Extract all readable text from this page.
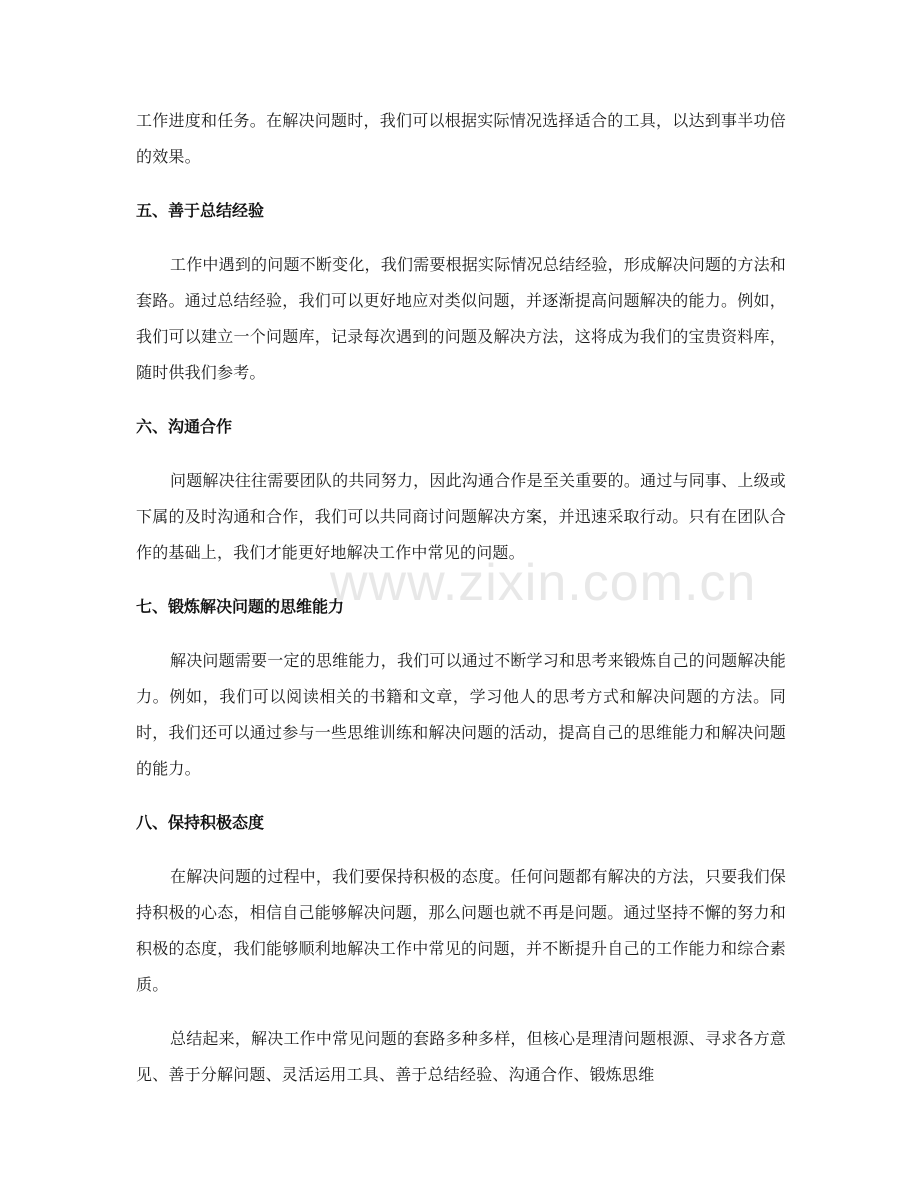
工作进度和任务。在解决问题时，我们可以根据实际情况选择适合的工具，以达到事半功倍的效果。

五、善于总结经验

工作中遇到的问题不断变化，我们需要根据实际情况总结经验，形成解决问题的方法和套路。通过总结经验，我们可以更好地应对类似问题，并逐渐提高问题解决的能力。例如，我们可以建立一个问题库，记录每次遇到的问题及解决方法，这将成为我们的宝贵资料库，随时供我们参考。

六、沟通合作

问题解决往往需要团队的共同努力，因此沟通合作是至关重要的。通过与同事、上级或下属的及时沟通和合作，我们可以共同商讨问题解决方案，并迅速采取行动。只有在团队合作的基础上，我们才能更好地解决工作中常见的问题。

七、锻炼解决问题的思维能力

解决问题需要一定的思维能力，我们可以通过不断学习和思考来锻炼自己的问题解决能力。例如，我们可以阅读相关的书籍和文章，学习他人的思考方式和解决问题的方法。同时，我们还可以通过参与一些思维训练和解决问题的活动，提高自己的思维能力和解决问题的能力。

八、保持积极态度

在解决问题的过程中，我们要保持积极的态度。任何问题都有解决的方法，只要我们保持积极的心态，相信自己能够解决问题，那么问题也就不再是问题。通过坚持不懈的努力和积极的态度，我们能够顺利地解决工作中常见的问题，并不断提升自己的工作能力和综合素质。

总结起来，解决工作中常见问题的套路多种多样，但核心是理清问题根源、寻求各方意见、善于分解问题、灵活运用工具、善于总结经验、沟通合作、锻炼思维

www.zixin.com.cn
